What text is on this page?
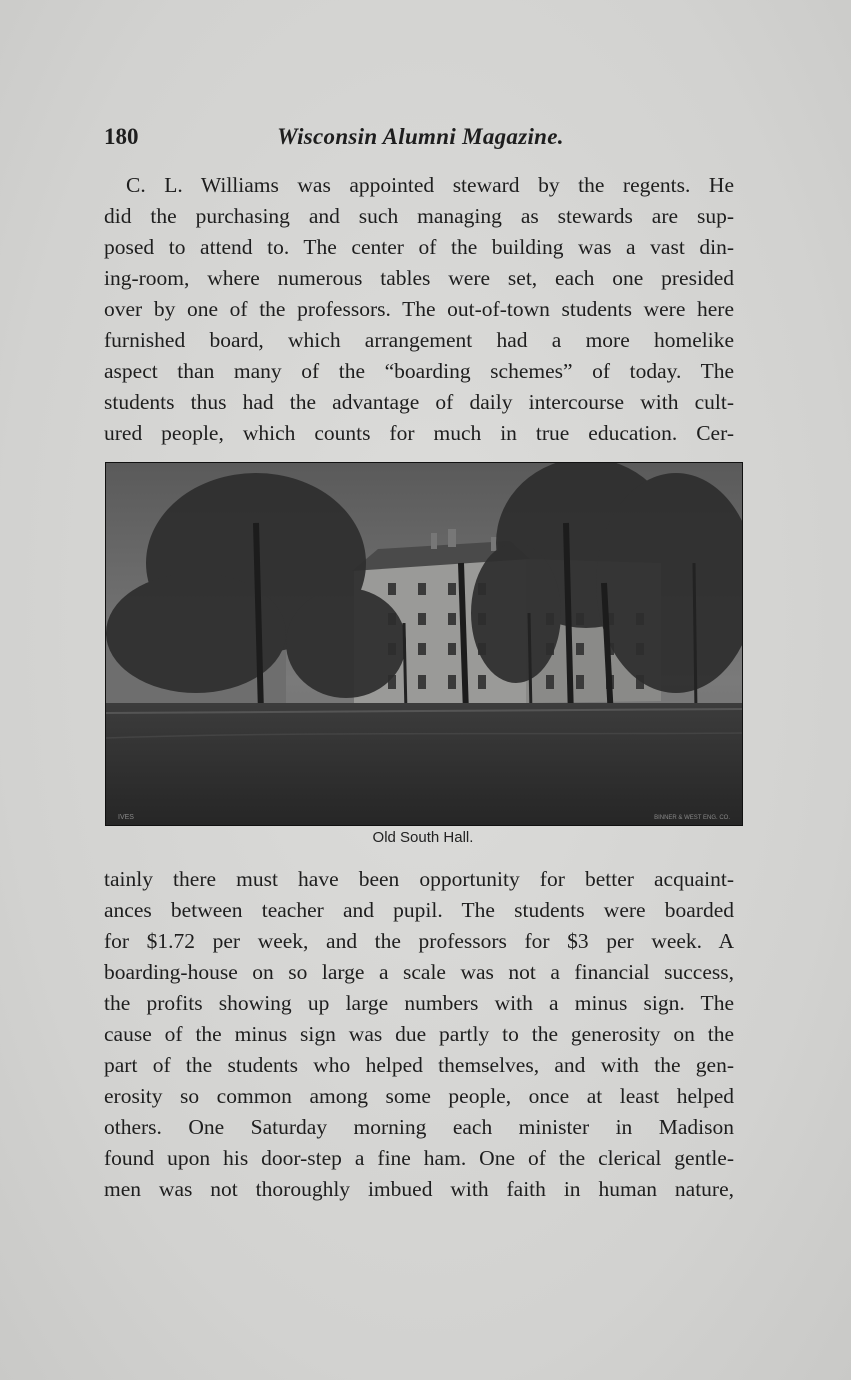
180	Wisconsin Alumni Magazine.
C. L. Williams was appointed steward by the regents. He
did the purchasing and such managing as stewards are sup-
posed to attend to. The center of the building was a vast din-
ing-room, where numerous tables were set, each one presided
over by one of the professors. The out-of-town students were here
furnished board, which arrangement had a more homelike
aspect than many of the “boarding schemes” of today. The
students thus had the advantage of daily intercourse with cult-
ured people, which counts for much in true education. Cer-
IVES	BINNER & WEST ENG. CO.
Old South Hall.
tainly there must have been opportunity for better acquaint-
ances between teacher and pupil. The students were boarded
for $1.72 per week, and the professors for $3 per week. A
boarding-house on so large a scale was not a financial success,
the profits showing up large numbers with a minus sign. The
cause of the minus sign was due partly to the generosity on the
part of the students who helped themselves, and with the gen-
erosity so common among some people, once at least helped
others. One Saturday morning each minister in Madison
found upon his door-step a fine ham. One of the clerical gentle-
men was not thoroughly imbued with faith in human nature,
